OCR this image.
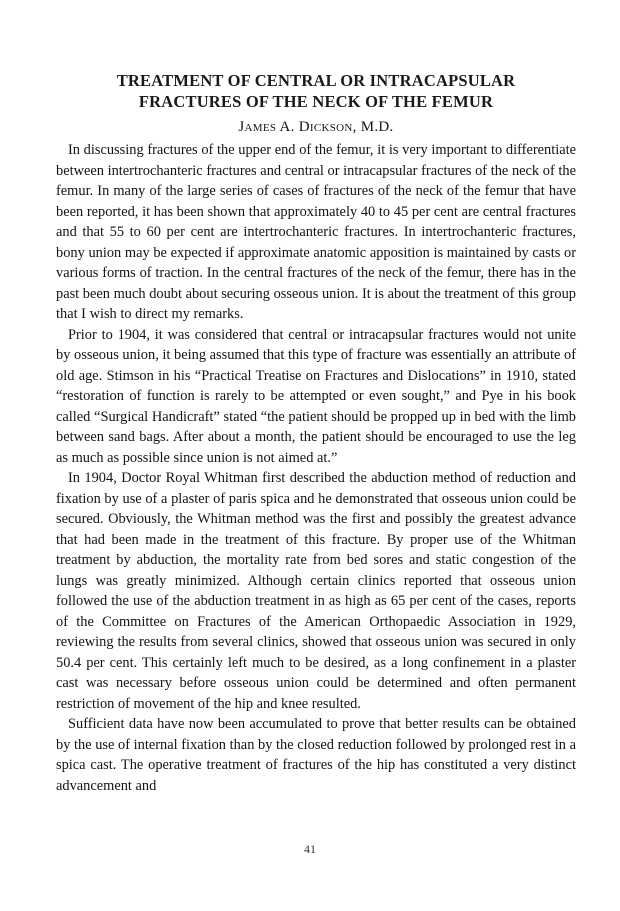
TREATMENT OF CENTRAL OR INTRACAPSULAR
FRACTURES OF THE NECK OF THE FEMUR

James A. Dickson, M.D.

In discussing fractures of the upper end of the femur, it is very important to differentiate between intertrochanteric fractures and central or intracapsular fractures of the neck of the femur. In many of the large series of cases of fractures of the neck of the femur that have been reported, it has been shown that approximately 40 to 45 per cent are central fractures and that 55 to 60 per cent are intertrochanteric fractures. In intertrochanteric fractures, bony union may be expected if approximate anatomic apposition is maintained by casts or various forms of traction. In the central fractures of the neck of the femur, there has in the past been much doubt about securing osseous union. It is about the treatment of this group that I wish to direct my remarks.

Prior to 1904, it was considered that central or intracapsular fractures would not unite by osseous union, it being assumed that this type of fracture was essentially an attribute of old age. Stimson in his “Practical Treatise on Fractures and Dislocations” in 1910, stated “restoration of function is rarely to be attempted or even sought,” and Pye in his book called “Surgical Handicraft” stated “the patient should be propped up in bed with the limb between sand bags. After about a month, the patient should be encouraged to use the leg as much as possible since union is not aimed at.”

In 1904, Doctor Royal Whitman first described the abduction method of reduction and fixation by use of a plaster of paris spica and he demonstrated that osseous union could be secured. Obviously, the Whitman method was the first and possibly the greatest advance that had been made in the treatment of this fracture. By proper use of the Whitman treatment by abduction, the mortality rate from bed sores and static congestion of the lungs was greatly minimized. Although certain clinics reported that osseous union followed the use of the abduction treatment in as high as 65 per cent of the cases, reports of the Committee on Fractures of the American Orthopaedic Association in 1929, reviewing the results from several clinics, showed that osseous union was secured in only 50.4 per cent. This certainly left much to be desired, as a long confinement in a plaster cast was necessary before osseous union could be determined and often permanent restriction of movement of the hip and knee resulted.

Sufficient data have now been accumulated to prove that better results can be obtained by the use of internal fixation than by the closed reduction followed by prolonged rest in a spica cast. The operative treatment of fractures of the hip has constituted a very distinct advancement and

41
